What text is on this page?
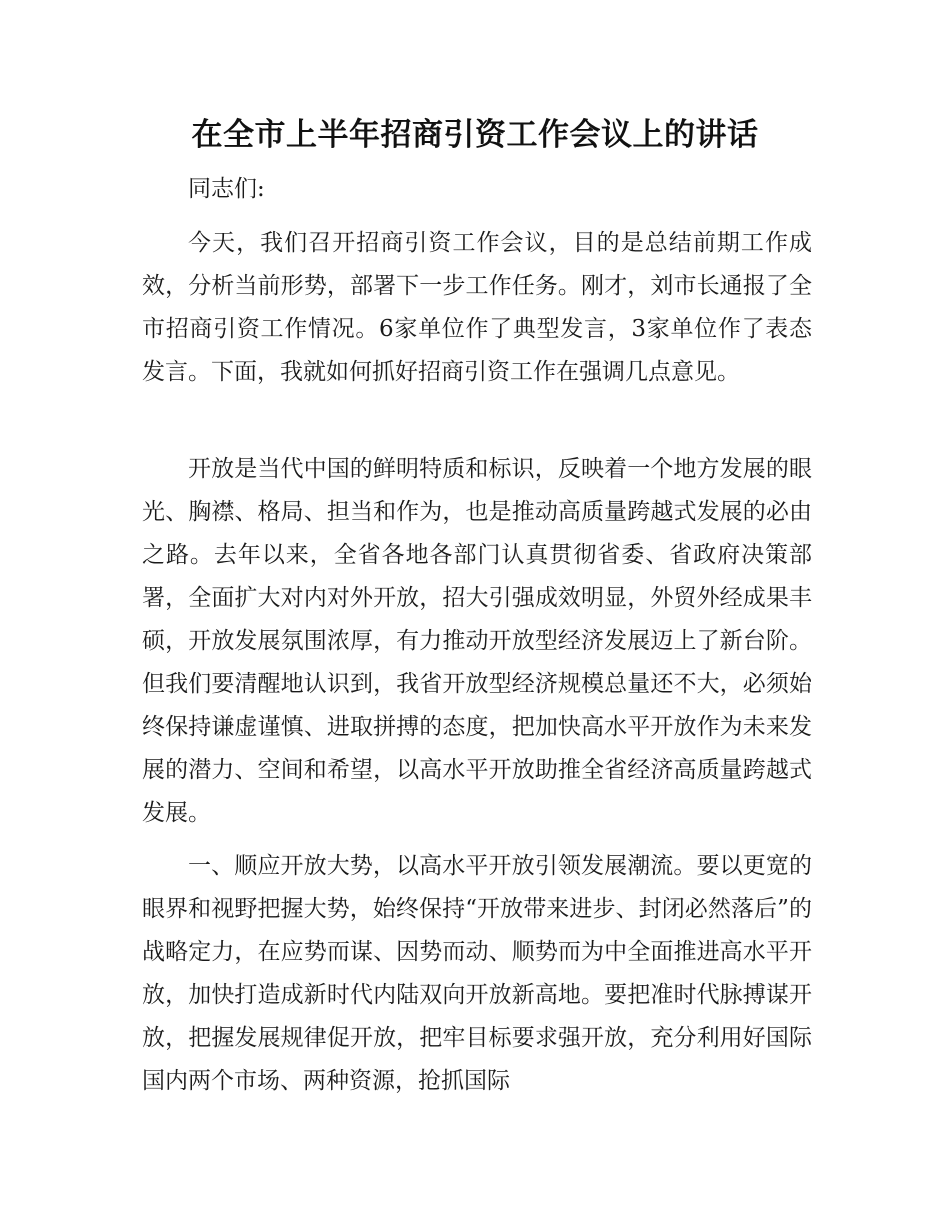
在全市上半年招商引资工作会议上的讲话

同志们:

今天，我们召开招商引资工作会议，目的是总结前期工作成效，分析当前形势，部署下一步工作任务。刚才，刘市长通报了全市招商引资工作情况。6家单位作了典型发言，3家单位作了表态发言。下面，我就如何抓好招商引资工作在强调几点意见。

开放是当代中国的鲜明特质和标识，反映着一个地方发展的眼光、胸襟、格局、担当和作为，也是推动高质量跨越式发展的必由之路。去年以来，全省各地各部门认真贯彻省委、省政府决策部署，全面扩大对内对外开放，招大引强成效明显，外贸外经成果丰硕，开放发展氛围浓厚，有力推动开放型经济发展迈上了新台阶。但我们要清醒地认识到，我省开放型经济规模总量还不大，必须始终保持谦虚谨慎、进取拼搏的态度，把加快高水平开放作为未来发展的潜力、空间和希望，以高水平开放助推全省经济高质量跨越式发展。

一、顺应开放大势，以高水平开放引领发展潮流。要以更宽的眼界和视野把握大势，始终保持“开放带来进步、封闭必然落后”的战略定力，在应势而谋、因势而动、顺势而为中全面推进高水平开放，加快打造成新时代内陆双向开放新高地。要把准时代脉搏谋开放，把握发展规律促开放，把牢目标要求强开放，充分利用好国际国内两个市场、两种资源，抢抓国际
